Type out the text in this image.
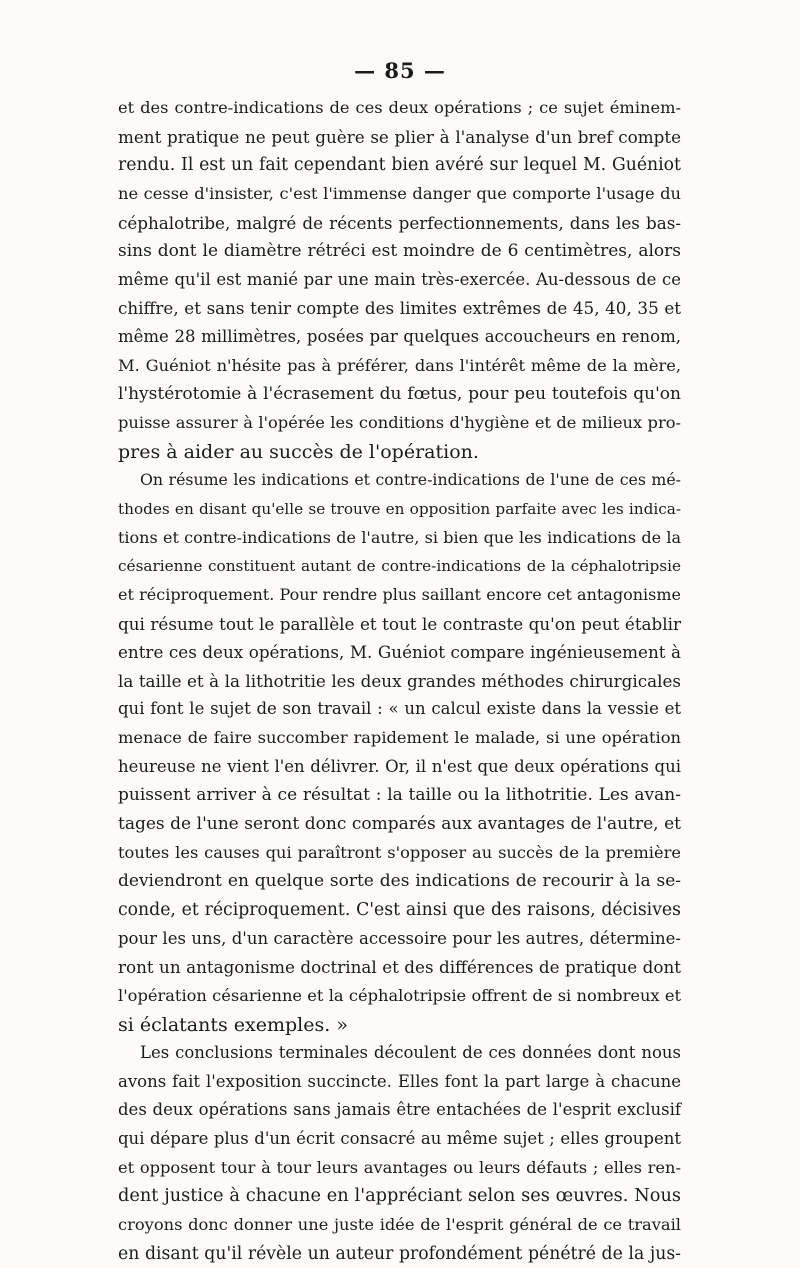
— 85 —
et des contre-indications de ces deux opérations ; ce sujet éminem-
ment pratique ne peut guère se plier à l'analyse d'un bref compte
rendu. Il est un fait cependant bien avéré sur lequel M. Guéniot
ne cesse d'insister, c'est l'immense danger que comporte l'usage du
céphalotribe, malgré de récents perfectionnements, dans les bas-
sins dont le diamètre rétréci est moindre de 6 centimètres, alors
même qu'il est manié par une main très-exercée. Au-dessous de ce
chiffre, et sans tenir compte des limites extrêmes de 45, 40, 35 et
même 28 millimètres, posées par quelques accoucheurs en renom,
M. Guéniot n'hésite pas à préférer, dans l'intérêt même de la mère,
l'hystérotomie à l'écrasement du fœtus, pour peu toutefois qu'on
puisse assurer à l'opérée les conditions d'hygiène et de milieux pro-
pres à aider au succès de l'opération.
On résume les indications et contre-indications de l'une de ces mé-
thodes en disant qu'elle se trouve en opposition parfaite avec les indica-
tions et contre-indications de l'autre, si bien que les indications de la
césarienne constituent autant de contre-indications de la céphalotripsie
et réciproquement. Pour rendre plus saillant encore cet antagonisme
qui résume tout le parallèle et tout le contraste qu'on peut établir
entre ces deux opérations, M. Guéniot compare ingénieusement à
la taille et à la lithotritie les deux grandes méthodes chirurgicales
qui font le sujet de son travail : « un calcul existe dans la vessie et
menace de faire succomber rapidement le malade, si une opération
heureuse ne vient l'en délivrer. Or, il n'est que deux opérations qui
puissent arriver à ce résultat : la taille ou la lithotritie. Les avan-
tages de l'une seront donc comparés aux avantages de l'autre, et
toutes les causes qui paraîtront s'opposer au succès de la première
deviendront en quelque sorte des indications de recourir à la se-
conde, et réciproquement. C'est ainsi que des raisons, décisives
pour les uns, d'un caractère accessoire pour les autres, détermine-
ront un antagonisme doctrinal et des différences de pratique dont
l'opération césarienne et la céphalotripsie offrent de si nombreux et
si éclatants exemples. »
Les conclusions terminales découlent de ces données dont nous
avons fait l'exposition succincte. Elles font la part large à chacune
des deux opérations sans jamais être entachées de l'esprit exclusif
qui dépare plus d'un écrit consacré au même sujet ; elles groupent
et opposent tour à tour leurs avantages ou leurs défauts ; elles ren-
dent justice à chacune en l'appréciant selon ses œuvres. Nous
croyons donc donner une juste idée de l'esprit général de ce travail
en disant qu'il révèle un auteur profondément pénétré de la jus-
